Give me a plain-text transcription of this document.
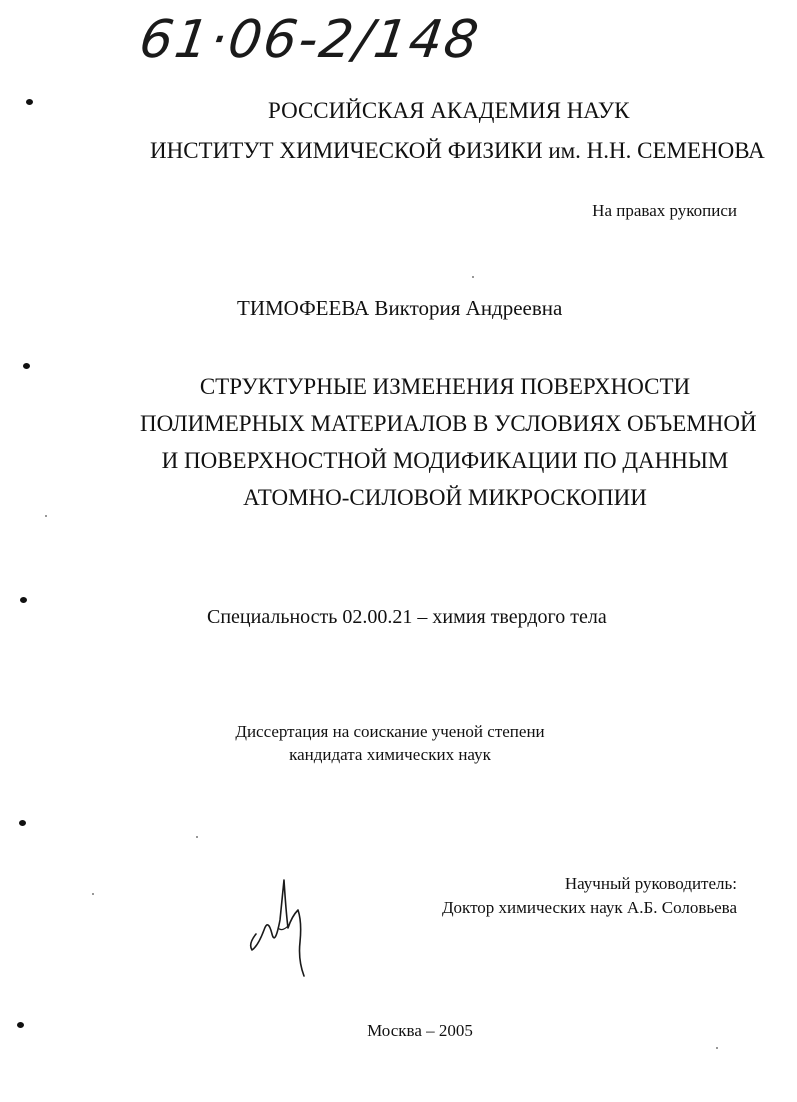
61·06-2/148
РОССИЙСКАЯ АКАДЕМИЯ НАУК
ИНСТИТУТ ХИМИЧЕСКОЙ ФИЗИКИ им. Н.Н. СЕМЕНОВА
На правах рукописи
ТИМОФЕЕВА Виктория Андреевна
СТРУКТУРНЫЕ ИЗМЕНЕНИЯ ПОВЕРХНОСТИ
ПОЛИМЕРНЫХ МАТЕРИАЛОВ В УСЛОВИЯХ ОБЪЕМНОЙ
И ПОВЕРХНОСТНОЙ МОДИФИКАЦИИ ПО ДАННЫМ
АТОМНО-СИЛОВОЙ МИКРОСКОПИИ
Специальность 02.00.21 – химия твердого тела
Диссертация на соискание ученой степени
кандидата химических наук
Научный руководитель:
Доктор химических наук А.Б. Соловьева
Москва – 2005
